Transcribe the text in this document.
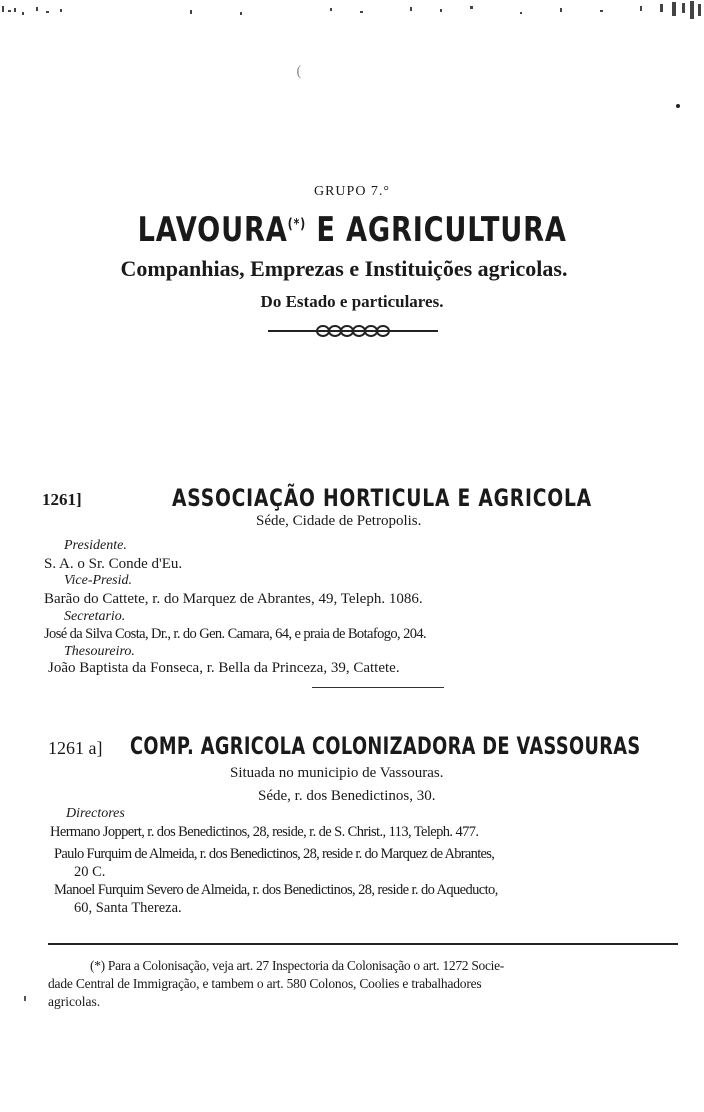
(
GRUPO 7.°
LAVOURA(*) E AGRICULTURA
Companhias, Emprezas e Instituições agricolas.
Do Estado e particulares.
1261]	ASSOCIAÇÃO HORTICULA E AGRICOLA
Séde, Cidade de Petropolis.
Presidente.
S. A. o Sr. Conde d'Eu.
Vice-Presid.
Barão do Cattete, r. do Marquez de Abrantes, 49, Teleph. 1086.
Secretario.
José da Silva Costa, Dr., r. do Gen. Camara, 64, e praia de Botafogo, 204.
Thesoureiro.
João Baptista da Fonseca, r. Bella da Princeza, 39, Cattete.
1261 a] COMP. AGRICOLA COLONIZADORA DE VASSOURAS
Situada no municipio de Vassouras.
Séde, r. dos Benedictinos, 30.
Directores
Hermano Joppert, r. dos Benedictinos, 28, reside, r. de S. Christ., 113, Teleph. 477.
Paulo Furquim de Almeida, r. dos Benedictinos, 28, reside r. do Marquez de Abrantes,
20 C.
Manoel Furquim Severo de Almeida, r. dos Benedictinos, 28, reside r. do Aqueducto,
60, Santa Thereza.
(*) Para a Colonisação, veja art. 27 Inspectoria da Colonisação o art. 1272 Socie-
dade Central de Immigração, e tambem o art. 580 Colonos, Coolies e trabalhadores
agricolas.
